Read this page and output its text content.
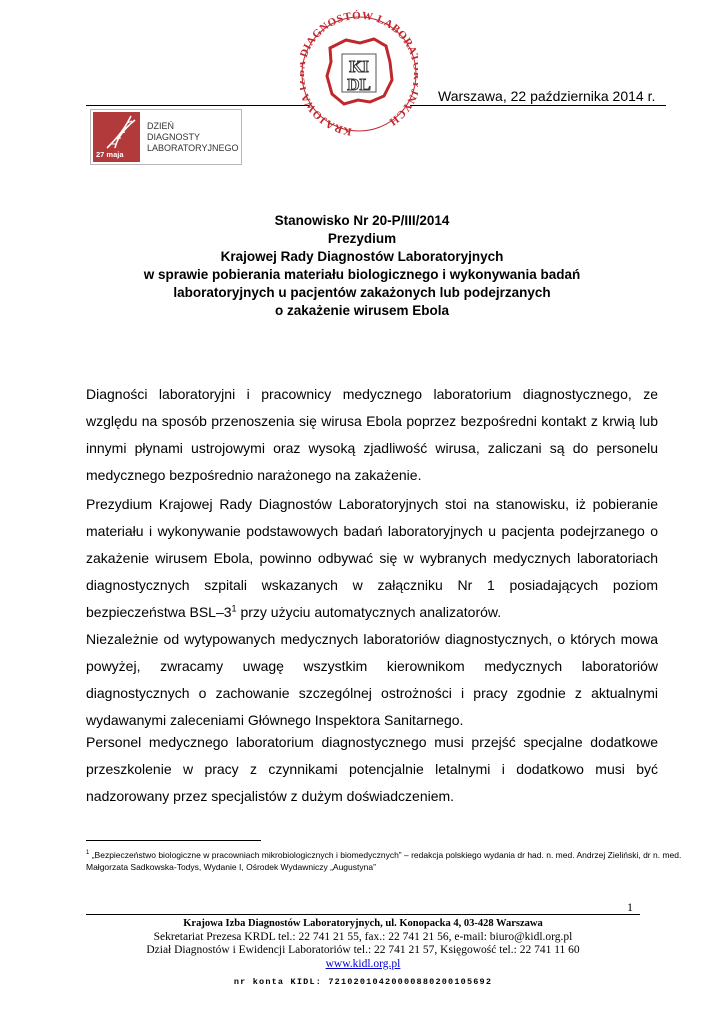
KRAJOWA IAGNOSTÓW LABORA NYCH
KI
DL
Warszawa, 22 października 2014 r.
27 maja
DZIEŃ
DIAGNOSTY
LABORATORYJNEGO
Stanowisko Nr 20-P/III/2014
Prezydium
Krajowej Rady Diagnostów Laboratoryjnych
w sprawie pobierania materiału biologicznego i wykonywania badań
laboratoryjnych u pacjentów zakażonych lub podejrzanych
o zakażenie wirusem Ebola
Diagności laboratoryjni i pracownicy medycznego laboratorium diagnostycznego, ze względu na sposób przenoszenia się wirusa Ebola poprzez bezpośredni kontakt z krwią lub innymi płynami ustrojowymi oraz wysoką zjadliwość wirusa, zaliczani są do personelu medycznego bezpośrednio narażonego na zakażenie.
Prezydium Krajowej Rady Diagnostów Laboratoryjnych stoi na stanowisku, iż pobieranie materiału i wykonywanie podstawowych badań laboratoryjnych u pacjenta podejrzanego o zakażenie wirusem Ebola, powinno odbywać się w wybranych medycznych laboratoriach diagnostycznych szpitali wskazanych w załączniku Nr 1 posiadających poziom bezpieczeństwa BSL–$3^1$ przy użyciu automatycznych analizatorów.
Niezależnie od wytypowanych medycznych laboratoriów diagnostycznych, o których mowa powyżej, zwracamy uwagę wszystkim kierownikom medycznych laboratoriów diagnostycznych o zachowanie szczególnej ostrożności i pracy zgodnie z aktualnymi wydawanymi zaleceniami Głównego Inspektora Sanitarnego.
Personel medycznego laboratorium diagnostycznego musi przejść specjalne dodatkowe przeszkolenie w pracy z czynnikami potencjalnie letalnymi i dodatkowo musi być nadzorowany przez specjalistów z dużym doświadczeniem.
$^1$ „Bezpieczeństwo biologiczne w pracowniach mikrobiologicznych i biomedycznych” – redakcja polskiego wydania dr had. n. med. Andrzej Zieliński, dr n. med. Małgorzata Sadkowska-Todys, Wydanie I, Ośrodek Wydawniczy „Augustyna”
1
Krajowa Izba Diagnostów Laboratoryjnych, ul. Konopacka 4, 03-428 Warszawa
Sekretariat Prezesa KRDL tel.: 22 741 21 55, fax.: 22 741 21 56, e-mail: biuro@kidl.org.pl
Dział Diagnostów i Ewidencji Laboratoriów tel.: 22 741 21 57, Księgowość tel.: 22 741 11 60
www.kidl.org.pl
nr konta KIDL: 72102010420000880200105692
